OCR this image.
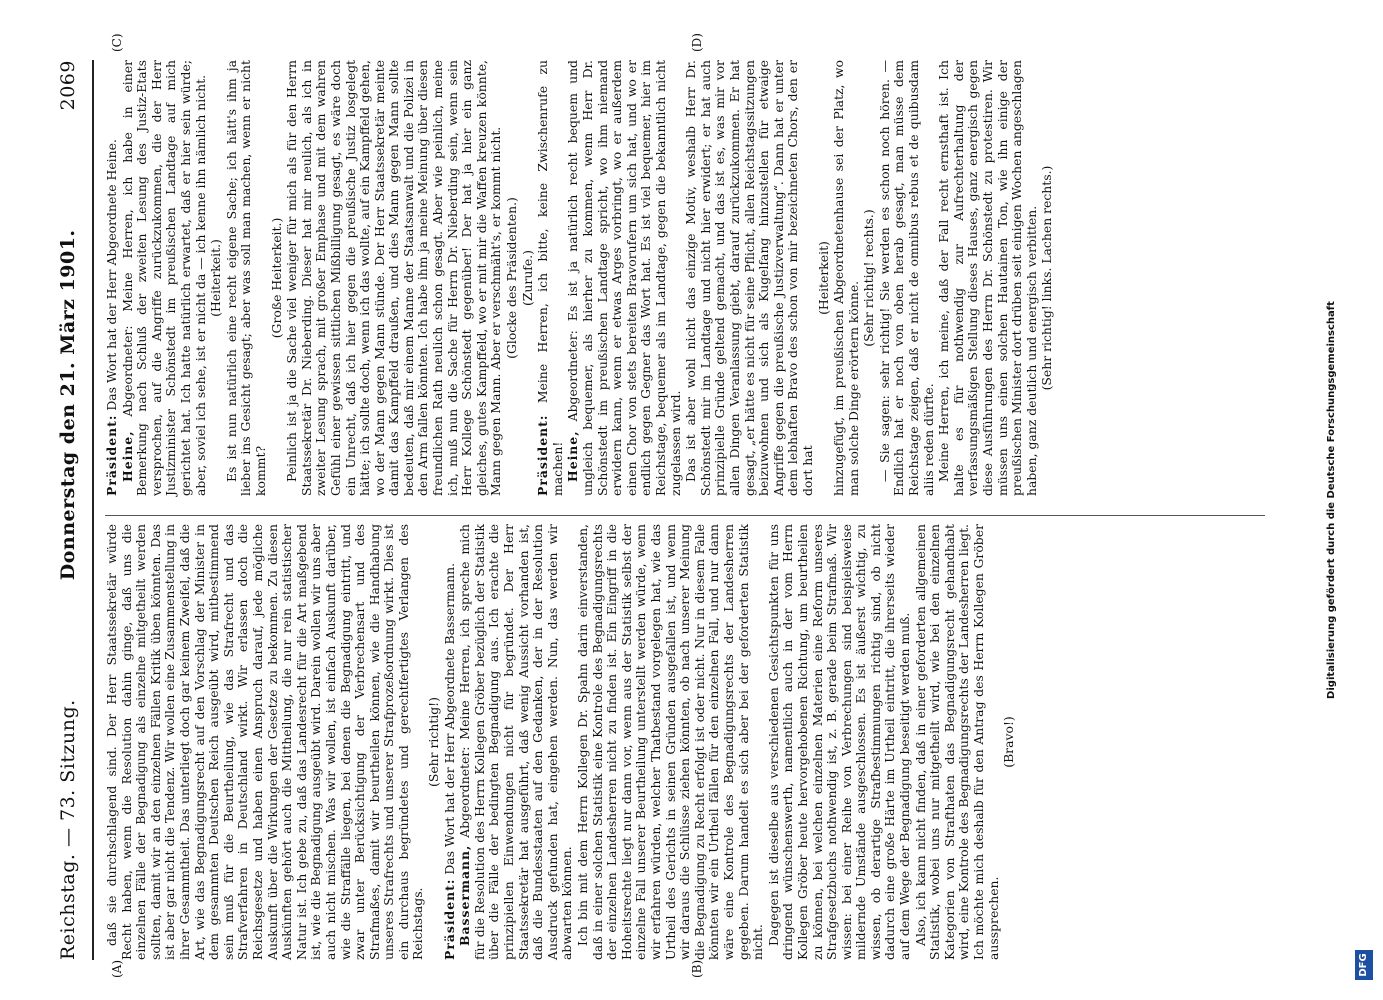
Reichstag. — 73. Sitzung.
Donnerstag den 21. März 1901.
2069
(A)	(B)
(C)	(D)

daß sie durchschlagend sind. Der Herr Staatssekretär würde Recht haben, wenn die Resolution dahin ginge, daß uns die einzelnen Fälle der Begnadigung als einzelne mitgetheilt werden sollten, damit wir an den einzelnen Fällen Kritik üben könnten. Das ist aber gar nicht die Tendenz. Wir wollen eine Zusammenstellung in ihrer Gesammtheit. Das unterliegt doch gar keinem Zweifel, daß die Art, wie das Begnadigungsrecht auf den Vorschlag der Minister in dem gesammten Deutschen Reich ausgeübt wird, mitbestimmend sein muß für die Beurtheilung, wie das Strafrecht und das Strafverfahren in Deutschland wirkt. Wir erlassen doch die Reichsgesetze und haben einen Anspruch darauf, jede mögliche Auskunft über die Wirkungen der Gesetze zu bekommen. Zu diesen Auskünften gehört auch die Mittheilung, die nur rein statistischer Natur ist. Ich gebe zu, daß das Landesrecht für die Art maßgebend ist, wie die Begnadigung ausgeübt wird. Darein wollen wir uns aber auch nicht mischen. Was wir wollen, ist einfach Auskunft darüber, wie die Straffälle liegen, bei denen die Begnadigung eintritt, und zwar unter Berücksichtigung der Verbrechensart und des Strafmaßes, damit wir beurtheilen können, wie die Handhabung unseres Strafrechts und unserer Strafprozeßordnung wirkt. Dies ist ein durchaus begründetes und gerechtfertigtes Verlangen des Reichstags.

(Sehr richtig!)

Präsident: Das Wort hat der Herr Abgeordnete Bassermann.

Bassermann, Abgeordneter: Meine Herren, ich spreche mich für die Resolution des Herrn Kollegen Gröber bezüglich der Statistik über die Fälle der bedingten Begnadigung aus. Ich erachte die prinzipiellen Einwendungen nicht für begründet. Der Herr Staatssekretär hat ausgeführt, daß wenig Aussicht vorhanden ist, daß die Bundesstaaten auf den Gedanken, der in der Resolution Ausdruck gefunden hat, eingehen werden. Nun, das werden wir abwarten können. Ich bin mit dem Herrn Kollegen Dr. Spahn darin einverstanden, daß in einer solchen Statistik eine Kontrole des Begnadigungsrechts der einzelnen Landesherren nicht zu finden ist. Ein Eingriff in die Hoheitsrechte liegt nur dann vor, wenn aus der Statistik selbst der einzelne Fall unserer Beurtheilung unterstellt werden würde, wenn wir erfahren würden, welcher Thatbestand vorgelegen hat, wie das Urtheil des Gerichts in seinen Gründen ausgefallen ist, und wenn wir daraus die Schlüsse ziehen könnten, ob nach unserer Meinung die Begnadigung zu Recht erfolgt ist oder nicht. Nur in diesem Falle könnten wir ein Urtheil fällen für den einzelnen Fall, und nur dann wäre eine Kontrole des Begnadigungsrechts der Landesherren gegeben. Darum handelt es sich aber bei der geforderten Statistik nicht. Dagegen ist dieselbe aus verschiedenen Gesichtspunkten für uns dringend wünschenswerth, namentlich auch in der vom Herrn Kollegen Gröber heute hervorgehobenen Richtung, um beurtheilen zu können, bei welchen einzelnen Materien eine Reform unseres Strafgesetzbuchs nothwendig ist, z. B. gerade beim Strafmaß. Wir wissen: bei einer Reihe von Verbrechungen sind beispielsweise mildernde Umstände ausgeschlossen. Es ist äußerst wichtig, zu wissen, ob derartige Strafbestimmungen richtig sind, ob nicht dadurch eine große Härte im Urtheil eintritt, die ihrerseits wieder auf dem Wege der Begnadigung beseitigt werden muß. Also, ich kann nicht finden, daß in einer geforderten allgemeinen Statistik, wobei uns nur mitgetheilt wird, wie bei den einzelnen Kategorien von Strafthaten das Begnadigungsrecht gehandhabt wird, eine Kontrole des Begnadigungsrechts der Landesherren liegt. Ich möchte mich deshalb für den Antrag des Herrn Kollegen Gröber aussprechen.

(Bravo!)

Präsident: Das Wort hat der Herr Abgeordnete Heine.

Heine, Abgeordneter: Meine Herren, ich habe in einer Bemerkung nach Schluß der zweiten Lesung des Justiz-Etats versprochen, auf die Angriffe zurückzukommen, die der Herr Justizminister Schönstedt im preußischen Landtage auf mich gerichtet hat. Ich hatte natürlich erwartet, daß er hier sein würde; aber, soviel ich sehe, ist er nicht da — ich kenne ihn nämlich nicht. (Heiterkeit.) Es ist nun natürlich eine recht eigene Sache; ich hätt's ihm ja lieber ins Gesicht gesagt; aber was soll man machen, wenn er nicht kommt?

(Große Heiterkeit.) Peinlich ist ja die Sache viel weniger für mich als für den Herrn Staatssekretär Dr. Nieberding. Dieser hat mir neulich, als ich in zweiter Lesung sprach, mit großer Emphase und mit dem wahren Gefühl einer gewissen sittlichen Mißbilligung gesagt, es wäre doch ein Unrecht, daß ich hier gegen die preußische Justiz losgelegt hätte; ich sollte doch, wenn ich das wollte, auf ein Kampffeld gehen, wo der Mann gegen Mann stünde. Der Herr Staatssekretär meinte damit das Kampffeld draußen, und dies Mann gegen Mann sollte bedeuten, daß mir einem Manne der Staatsanwalt und die Polizei in den Arm fallen könnten. Ich habe ihm ja meine Meinung über diesen freundlichen Rath neulich schon gesagt. Aber wie peinlich, meine ich, muß nun die Sache für Herrn Dr. Nieberding sein, wenn sein Herr Kollege Schönstedt gegenüber! Der hat ja hier ein ganz gleiches, gutes Kampffeld, wo er mit mir die Waffen kreuzen könnte, Mann gegen Mann. Aber er verschmäht's, er kommt nicht. (Glocke des Präsidenten.) (Zurufe.)

Präsident: Meine Herren, ich bitte, keine Zwischenrufe zu machen! Heine, Abgeordneter: Es ist ja natürlich recht bequem und ungleich bequemer, als hierher zu kommen, wenn Herr Dr. Schönstedt im preußischen Landtage spricht, wo ihm niemand erwidern kann, wenn er etwas Arges vorbringt, wo er außerdem einen Chor von stets bereiten Bravorufern um sich hat, und wo er endlich gegen Gegner das Wort hat. Es ist viel bequemer, hier im Reichstage, bequemer als im Landtage, gegen die bekanntlich nicht zugelassen wird. Das ist aber wohl nicht das einzige Motiv, weshalb Herr Dr. Schönstedt mir im Landtage und nicht hier erwidert; er hat auch prinzipielle Gründe geltend gemacht, und das ist es, was mir vor allen Dingen Veranlassung giebt, darauf zurückzukommen. Er hat gesagt, „er hätte es nicht für seine Pflicht, allen Reichstagssitzungen beizuwohnen und sich als Kugelfang hinzustellen für etwaige Angriffe gegen die preußische Justizverwaltung“. Dann hat er unter dem lebhaften Bravo des schon von mir bezeichneten Chors, den er dort hat

(Heiterkeit) hinzugefügt, im preußischen Abgeordnetenhause sei der Platz, wo man solche Dinge erörtern könne.

(Sehr richtig! rechts.) — Sie sagen: sehr richtig! Sie werden es schon noch hören. — Endlich hat er noch von oben herab gesagt, man müsse dem Reichstage zeigen, daß er nicht de omnibus rebus et de quibusdam aliis reden dürfte. Meine Herren, ich meine, daß der Fall recht ernsthaft ist. Ich halte es für nothwendig zur Aufrechterhaltung der verfassungsmäßigen Stellung dieses Hauses, ganz energisch gegen diese Ausführungen des Herrn Dr. Schönstedt zu protestiren. Wir müssen uns einen solchen Hautainen Ton, wie ihn einige der preußischen Minister dort drüben seit einigen Wochen angeschlagen haben, ganz deutlich und energisch verbitten. (Sehr richtig! links. Lachen rechts.)

Digitalisierung gefördert durch die Deutsche Forschungsgemeinschaft
DFG
